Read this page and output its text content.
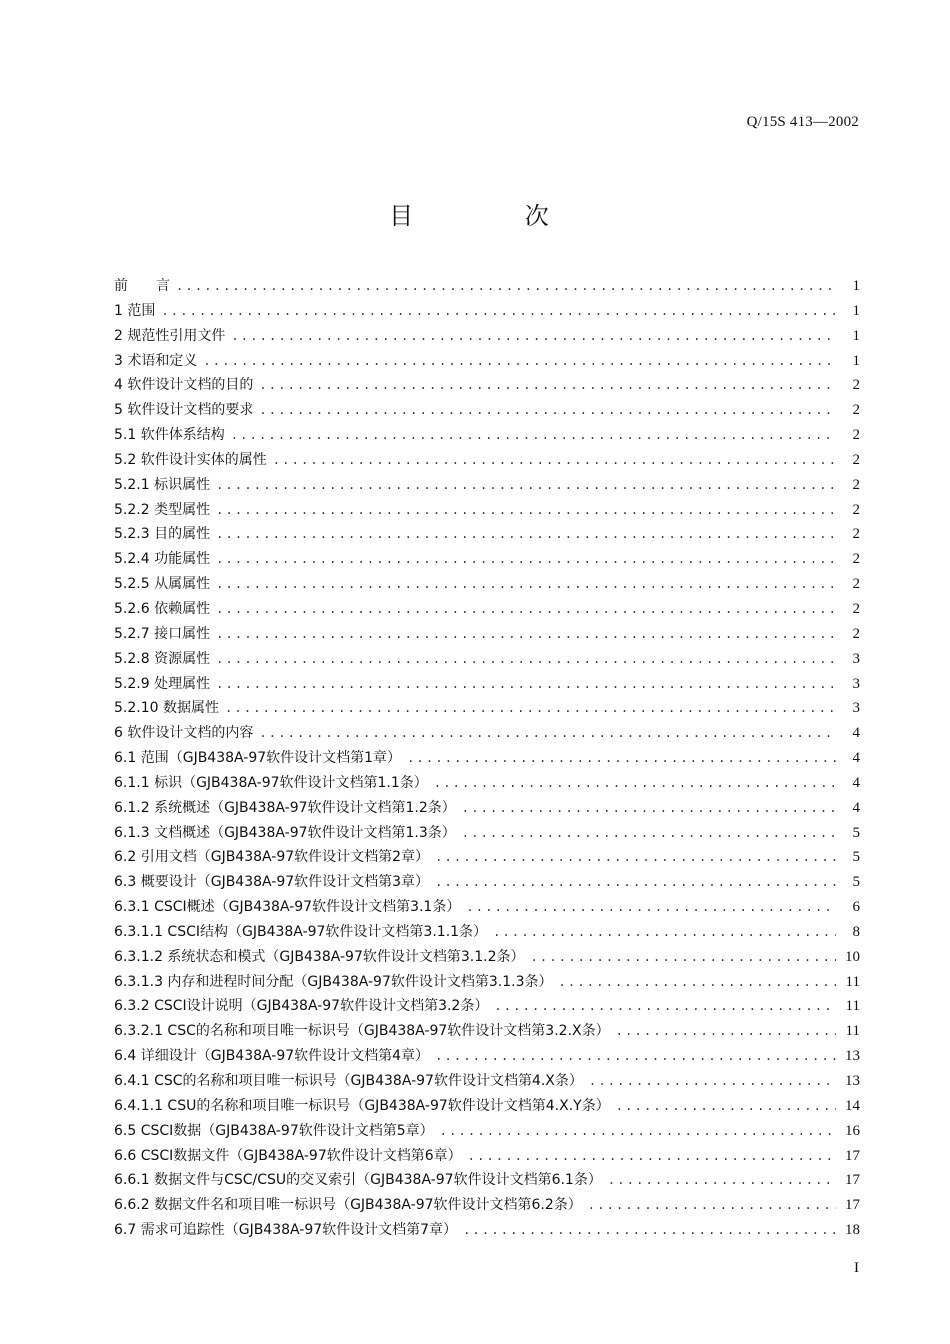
Q/15S 413—2002
目 次
前 言 .....	1
1 范围 .....	1
2 规范性引用文件 .....	1
3 术语和定义 .....	1
4 软件设计文档的目的 .....	2
5 软件设计文档的要求 .....	2
5.1 软件体系结构 .....	2
5.2 软件设计实体的属性 .....	2
5.2.1 标识属性 .....	2
5.2.2 类型属性 .....	2
5.2.3 目的属性 .....	2
5.2.4 功能属性 .....	2
5.2.5 从属属性 .....	2
5.2.6 依赖属性 .....	2
5.2.7 接口属性 .....	2
5.2.8 资源属性 .....	3
5.2.9 处理属性 .....	3
5.2.10 数据属性 .....	3
6 软件设计文档的内容 .....	4
6.1 范围（GJB438A-97软件设计文档第1章） .....	4
6.1.1 标识（GJB438A-97软件设计文档第1.1条） .....	4
6.1.2 系统概述（GJB438A-97软件设计文档第1.2条） .....	4
6.1.3 文档概述（GJB438A-97软件设计文档第1.3条） .....	5
6.2 引用文档（GJB438A-97软件设计文档第2章） .....	5
6.3 概要设计（GJB438A-97软件设计文档第3章） .....	5
6.3.1 CSCI概述（GJB438A-97软件设计文档第3.1条） .....	6
6.3.1.1 CSCI结构（GJB438A-97软件设计文档第3.1.1条） .....	8
6.3.1.2 系统状态和模式（GJB438A-97软件设计文档第3.1.2条） .....	10
6.3.1.3 内存和进程时间分配（GJB438A-97软件设计文档第3.1.3条） .....	11
6.3.2 CSCI设计说明（GJB438A-97软件设计文档第3.2条） .....	11
6.3.2.1 CSC的名称和项目唯一标识号（GJB438A-97软件设计文档第3.2.X条） .....	11
6.4 详细设计（GJB438A-97软件设计文档第4章） .....	13
6.4.1 CSC的名称和项目唯一标识号（GJB438A-97软件设计文档第4.X条） .....	13
6.4.1.1 CSU的名称和项目唯一标识号（GJB438A-97软件设计文档第4.X.Y条） .....	14
6.5 CSCI数据（GJB438A-97软件设计文档第5章） .....	16
6.6 CSCI数据文件（GJB438A-97软件设计文档第6章） .....	17
6.6.1 数据文件与CSC/CSU的交叉索引（GJB438A-97软件设计文档第6.1条） .....	17
6.6.2 数据文件名和项目唯一标识号（GJB438A-97软件设计文档第6.2条） .....	17
6.7 需求可追踪性（GJB438A-97软件设计文档第7章） .....	18
I
